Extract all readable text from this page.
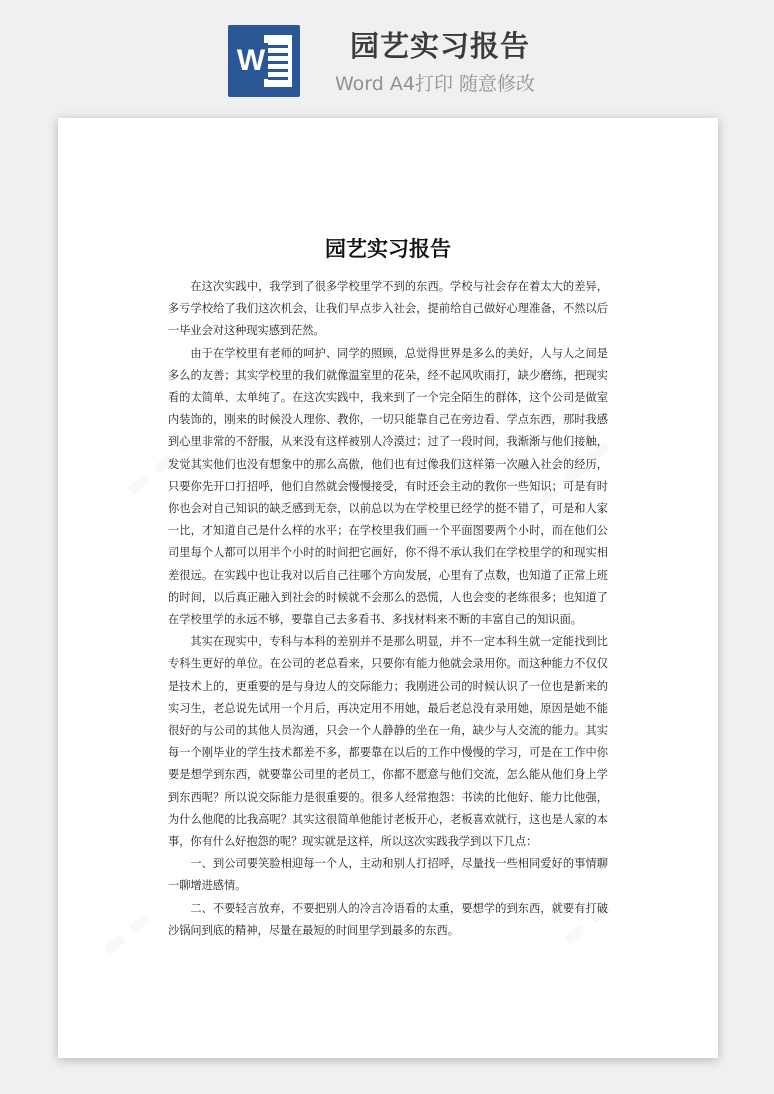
W	园艺实习报告
Word A4打印 随意修改
▬ ▬ ▬	▬ ▬ ▬
▬ ▬	▬ ▬
园艺实习报告

在这次实践中，我学到了很多学校里学不到的东西。学校与社会存在着太大的差异，多亏学校给了我们这次机会，让我们早点步入社会，提前给自己做好心理准备，不然以后一毕业会对这种现实感到茫然。

由于在学校里有老师的呵护、同学的照顾，总觉得世界是多么的美好，人与人之间是多么的友善；其实学校里的我们就像温室里的花朵，经不起风吹雨打，缺少磨练，把现实看的太简单、太单纯了。在这次实践中，我来到了一个完全陌生的群体，这个公司是做室内装饰的，刚来的时候没人理你、教你，一切只能靠自己在旁边看、学点东西，那时我感到心里非常的不舒服，从来没有这样被别人冷漠过；过了一段时间，我渐渐与他们接触，发觉其实他们也没有想象中的那么高傲，他们也有过像我们这样第一次融入社会的经历，只要你先开口打招呼，他们自然就会慢慢接受，有时还会主动的教你一些知识；可是有时你也会对自己知识的缺乏感到无奈，以前总以为在学校里已经学的挺不错了，可是和人家一比，才知道自己是什么样的水平；在学校里我们画一个平面图要两个小时，而在他们公司里每个人都可以用半个小时的时间把它画好，你不得不承认我们在学校里学的和现实相差很远。在实践中也让我对以后自己往哪个方向发展，心里有了点数，也知道了正常上班的时间，以后真正融入到社会的时候就不会那么的恐慌，人也会变的老练很多；也知道了在学校里学的永远不够，要靠自己去多看书、多找材料来不断的丰富自己的知识面。

其实在现实中，专科与本科的差别并不是那么明显，并不一定本科生就一定能找到比专科生更好的单位。在公司的老总看来，只要你有能力他就会录用你。而这种能力不仅仅是技术上的，更重要的是与身边人的交际能力；我刚进公司的时候认识了一位也是新来的实习生，老总说先试用一个月后，再决定用不用她，最后老总没有录用她，原因是她不能很好的与公司的其他人员沟通，只会一个人静静的坐在一角，缺少与人交流的能力。其实每一个刚毕业的学生技术都差不多，都要靠在以后的工作中慢慢的学习，可是在工作中你要是想学到东西，就要靠公司里的老员工，你都不愿意与他们交流，怎么能从他们身上学到东西呢？所以说交际能力是很重要的。很多人经常抱怨：书读的比他好、能力比他强，为什么他爬的比我高呢？其实这很简单他能讨老板开心，老板喜欢就行，这也是人家的本事，你有什么好抱怨的呢？现实就是这样，所以这次实践我学到以下几点：

一、到公司要笑脸相迎每一个人，主动和别人打招呼，尽量找一些相同爱好的事情聊一聊增进感情。

二、不要轻言放弃，不要把别人的冷言冷语看的太重，要想学的到东西，就要有打破沙锅问到底的精神，尽量在最短的时间里学到最多的东西。
